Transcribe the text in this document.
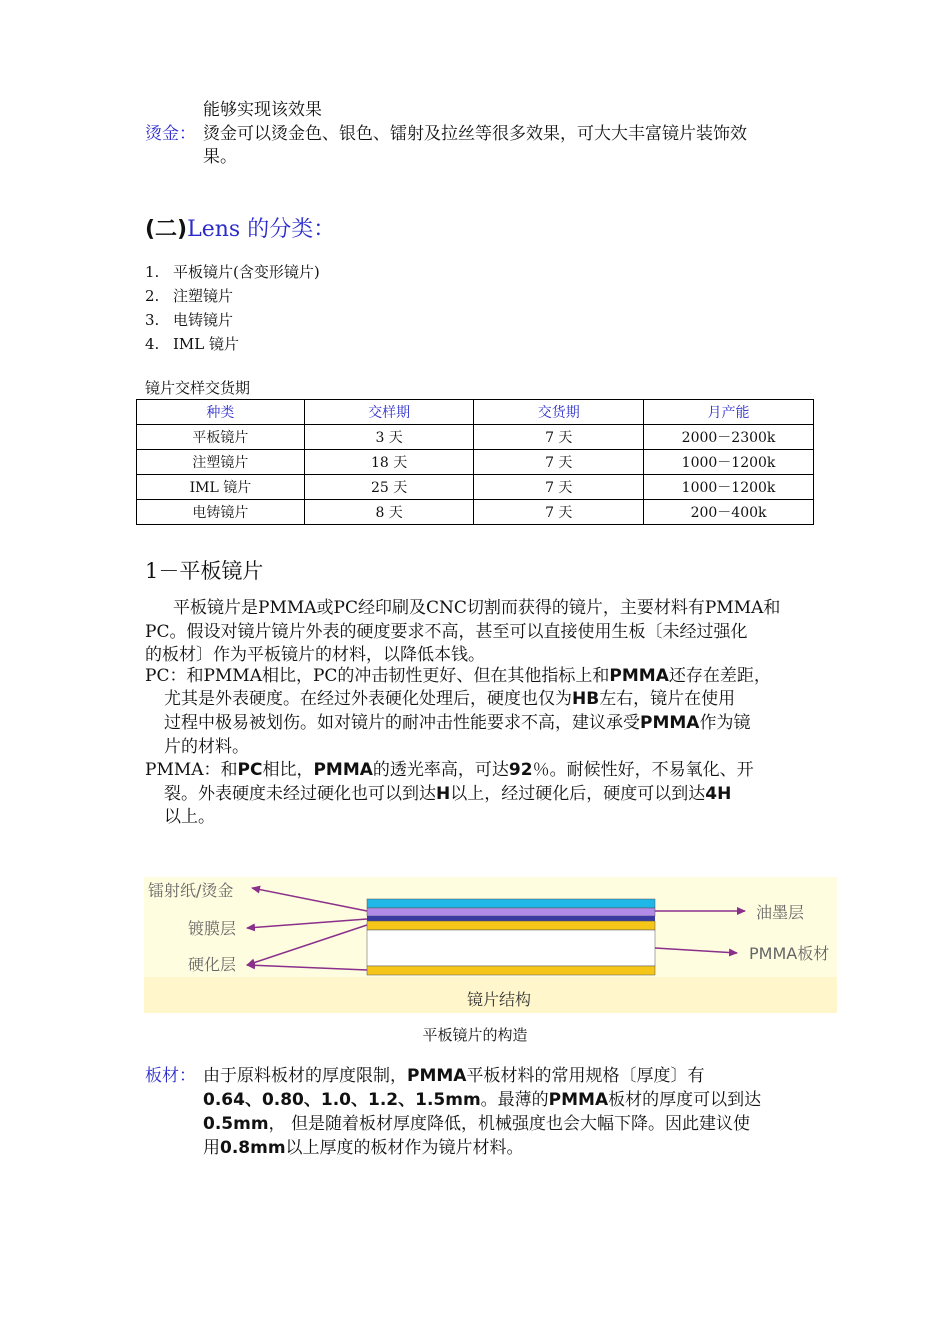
能够实现该效果
烫金： 烫金可以烫金色、银色、镭射及拉丝等很多效果，可大大丰富镜片装饰效
果。
(二)Lens 的分类：
1. 平板镜片(含变形镜片)
2. 注塑镜片
3. 电铸镜片
4. IML 镜片
镜片交样交货期
种类	交样期	交货期	月产能
平板镜片	3 天	7 天	2000－2300k
注塑镜片	18 天	7 天	1000－1200k
IML 镜片	25 天	7 天	1000－1200k
电铸镜片	8 天	7 天	200－400k
1－平板镜片
平板镜片是PMMA或PC经印刷及CNC切割而获得的镜片，主要材料有PMMA和
PC。假设对镜片镜片外表的硬度要求不高，甚至可以直接使用生板〔未经过强化
的板材〕作为平板镜片的材料，以降低本钱。
PC：和PMMA相比，PC的冲击韧性更好、但在其他指标上和PMMA还存在差距，
尤其是外表硬度。在经过外表硬化处理后，硬度也仅为HB左右，镜片在使用
过程中极易被划伤。如对镜片的耐冲击性能要求不高，建议承受PMMA作为镜
片的材料。
PMMA：和PC相比，PMMA的透光率高，可达92％。耐候性好，不易氧化、开
裂。外表硬度未经过硬化也可以到达H以上，经过硬化后，硬度可以到达4H
以上。
镭射纸/烫金
镀膜层
硬化层
油墨层
PMMA板材
镜片结构
平板镜片的构造
板材： 由于原料板材的厚度限制，PMMA平板材料的常用规格〔厚度〕有
0.64、0.80、1.0、1.2、1.5mm。最薄的PMMA板材的厚度可以到达
0.5mm， 但是随着板材厚度降低，机械强度也会大幅下降。因此建议使
用0.8mm以上厚度的板材作为镜片材料。
